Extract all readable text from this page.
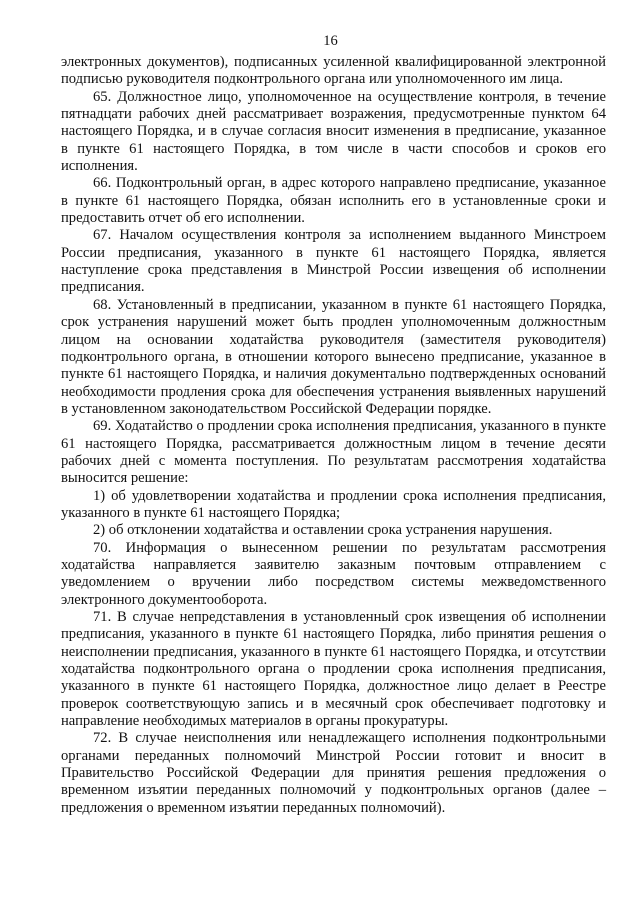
16

электронных документов), подписанных усиленной квалифицированной электронной подписью руководителя подконтрольного органа или уполномоченного им лица.

65. Должностное лицо, уполномоченное на осуществление контроля, в течение пятнадцати рабочих дней рассматривает возражения, предусмотренные пунктом 64 настоящего Порядка, и в случае согласия вносит изменения в предписание, указанное в пункте 61 настоящего Порядка, в том числе в части способов и сроков его исполнения.

66. Подконтрольный орган, в адрес которого направлено предписание, указанное в пункте 61 настоящего Порядка, обязан исполнить его в установленные сроки и предоставить отчет об его исполнении.

67. Началом осуществления контроля за исполнением выданного Минстроем России предписания, указанного в пункте 61 настоящего Порядка, является наступление срока представления в Минстрой России извещения об исполнении предписания.

68. Установленный в предписании, указанном в пункте 61 настоящего Порядка, срок устранения нарушений может быть продлен уполномоченным должностным лицом на основании ходатайства руководителя (заместителя руководителя) подконтрольного органа, в отношении которого вынесено предписание, указанное в пункте 61 настоящего Порядка, и наличия документально подтвержденных оснований необходимости продления срока для обеспечения устранения выявленных нарушений в установленном законодательством Российской Федерации порядке.

69. Ходатайство о продлении срока исполнения предписания, указанного в пункте 61 настоящего Порядка, рассматривается должностным лицом в течение десяти рабочих дней с момента поступления. По результатам рассмотрения ходатайства выносится решение:

1) об удовлетворении ходатайства и продлении срока исполнения предписания, указанного в пункте 61 настоящего Порядка;

2) об отклонении ходатайства и оставлении срока устранения нарушения.

70. Информация о вынесенном решении по результатам рассмотрения ходатайства направляется заявителю заказным почтовым отправлением с уведомлением о вручении либо посредством системы межведомственного электронного документооборота.

71. В случае непредставления в установленный срок извещения об исполнении предписания, указанного в пункте 61 настоящего Порядка, либо принятия решения о неисполнении предписания, указанного в пункте 61 настоящего Порядка, и отсутствии ходатайства подконтрольного органа о продлении срока исполнения предписания, указанного в пункте 61 настоящего Порядка, должностное лицо делает в Реестре проверок соответствующую запись и в месячный срок обеспечивает подготовку и направление необходимых материалов в органы прокуратуры.

72. В случае неисполнения или ненадлежащего исполнения подконтрольными органами переданных полномочий Минстрой России готовит и вносит в Правительство Российской Федерации для принятия решения предложения о временном изъятии переданных полномочий у подконтрольных органов (далее – предложения о временном изъятии переданных полномочий).
